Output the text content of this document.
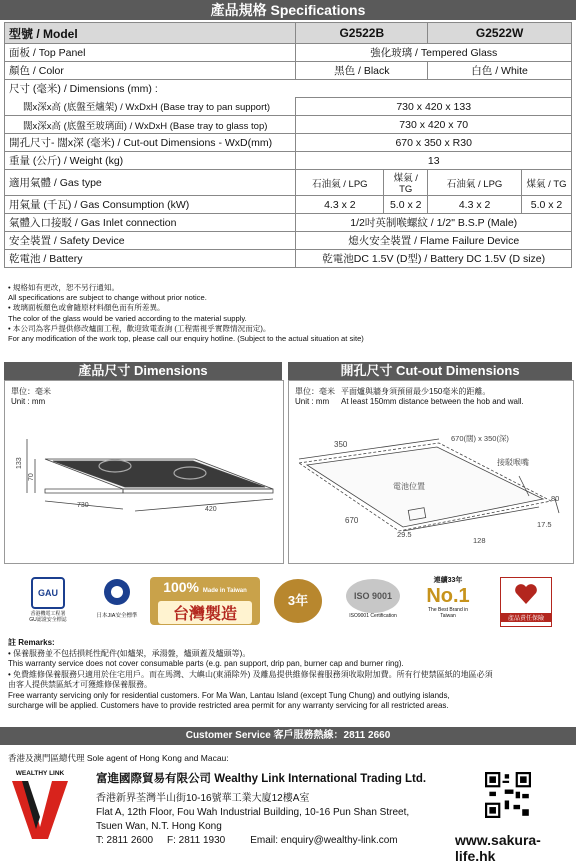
產品規格 Specifications
型號 / Model	G2522B		G2522W	
面板 / Top Panel	強化玻璃 / Tempered Glass			
顏色 / Color	黑色 / Black		白色 / White	
尺寸 (毫米) / Dimensions (mm) :				
闊x深x高 (底盤至爐架) / WxDxH (Base tray to pan support)	730 x 420 x 133			
闊x深x高 (底盤至玻璃面) / WxDxH (Base tray to glass top)	730 x 420 x 70			
開孔尺寸- 闊x深 (毫米) / Cut-out Dimensions - WxD(mm)	670 x 350 x R30			
重量 (公斤) / Weight (kg)	13			
適用氣體 / Gas type	石油氣 / LPG	煤氣 / TG	石油氣 / LPG	煤氣 / TG
用氣量 (千瓦) / Gas Consumption (kW)	4.3 x 2	5.0 x 2	4.3 x 2	5.0 x 2
氣體入口接駁 / Gas Inlet connection	1/2吋英制喉螺紋 / 1/2" B.S.P (Male)			
安全裝置 / Safety Device	熄火安全裝置 / Flame Failure Device			
乾電池 / Battery	乾電池DC 1.5V (D型) / Battery DC 1.5V (D size)			
• 規格如有更改，恕不另行通知。
All specifications are subject to change without prior notice.
• 玻璃面板顏色或會隨原材料顏色而有所差異。
The color of the glass would be varied according to the material supply.
• 本公司為客戶提供修改爐面工程，歡迎致電查詢 (工程需視乎實際情況而定)。
For any modification of the work top, please call our enquiry hotline. (Subject to the actual situation at site)
產品尺寸 Dimensions
單位：毫米
Unit : mm
133
70
730
420
開孔尺寸 Cut-out Dimensions
單位：毫米
Unit : mm
平面爐與牆身須預留最少150毫米的距離。
At least 150mm distance between the hob and wall.
350
670(闊) x 350(深)
接駁喉嘴
電池位置
80
17.5
670
29.5
128
GAU
香港機電工程署 GU認證安全標誌
日本JIA安全標準
100% Made in Taiwan
台灣製造
3年	ISO 9001
ISO9001 Certification
連續33年
No.1
The Best Brand in Taiwan	產品責任保險
註 Remarks:
• 保養服務並不包括損耗性配件(如爐架，承湯盤，爐頭蓋及爐頭等)。
This warranty service does not cover consumable parts (e.g. pan support, drip pan, burner cap and burner ring).
• 免費維修保養服務只適用於住宅用戶。而在馬灣、大嶼山(東涌除外) 及離島提供維修保養服務須收取附加費。所有行使禁區紙的地區必須
由客人提供禁區紙才可獲維修保養服務。
Free warranty servicing only for residential customers. For Ma Wan, Lantau Island (except Tung Chung) and outlying islands,
surcharge will be applied. Customers have to provide restricted area permit for any warranty servicing for all restricted areas.
Customer Service 客戶服務熱線：2811 2660
香港及澳門區總代理 Sole agent of Hong Kong and Macau:
WEALTHY LINK	富進國際貿易有限公司 Wealthy Link International Trading Ltd.
香港新界荃灣半山街10-16號華工業大廈12樓A室
Flat A, 12th Floor, Fou Wah Industrial Building, 10-16 Pun Shan Street,
Tsuen Wan, N.T. Hong Kong
T: 2811 2600 F: 2811 1930	Email: enquiry@wealthy-link.com	www.sakura-life.hk
